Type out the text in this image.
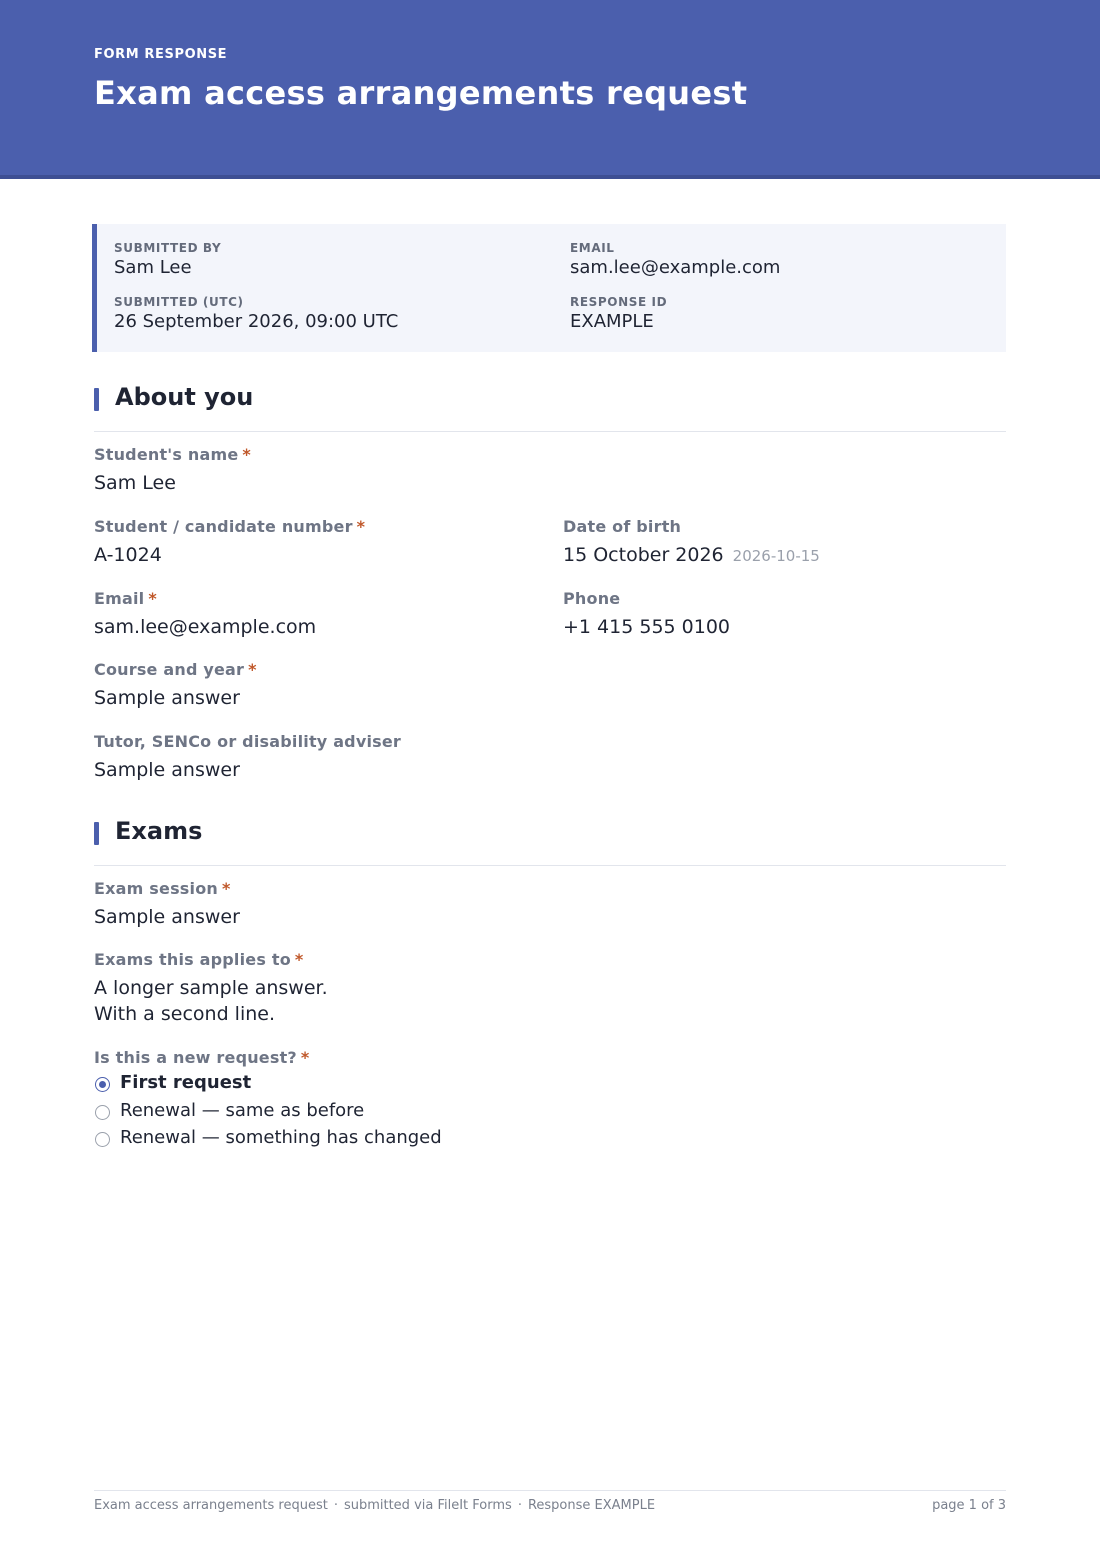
FORM RESPONSE
Exam access arrangements request
SUBMITTED BY
Sam Lee
EMAIL
sam.lee@example.com
SUBMITTED (UTC)
26 September 2026, 09:00 UTC
RESPONSE ID
EXAMPLE
About you
Student's name *
Sam Lee
Student / candidate number *
A-1024
Date of birth
15 October 2026 2026-10-15
Email *
sam.lee@example.com
Phone
+1 415 555 0100
Course and year *
Sample answer
Tutor, SENCo or disability adviser
Sample answer
Exams
Exam session *
Sample answer
Exams this applies to *
A longer sample answer.
With a second line.
Is this a new request? *
First request
Renewal — same as before
Renewal — something has changed
Exam access arrangements request · submitted via FileIt Forms · Response EXAMPLE	page 1 of 3
